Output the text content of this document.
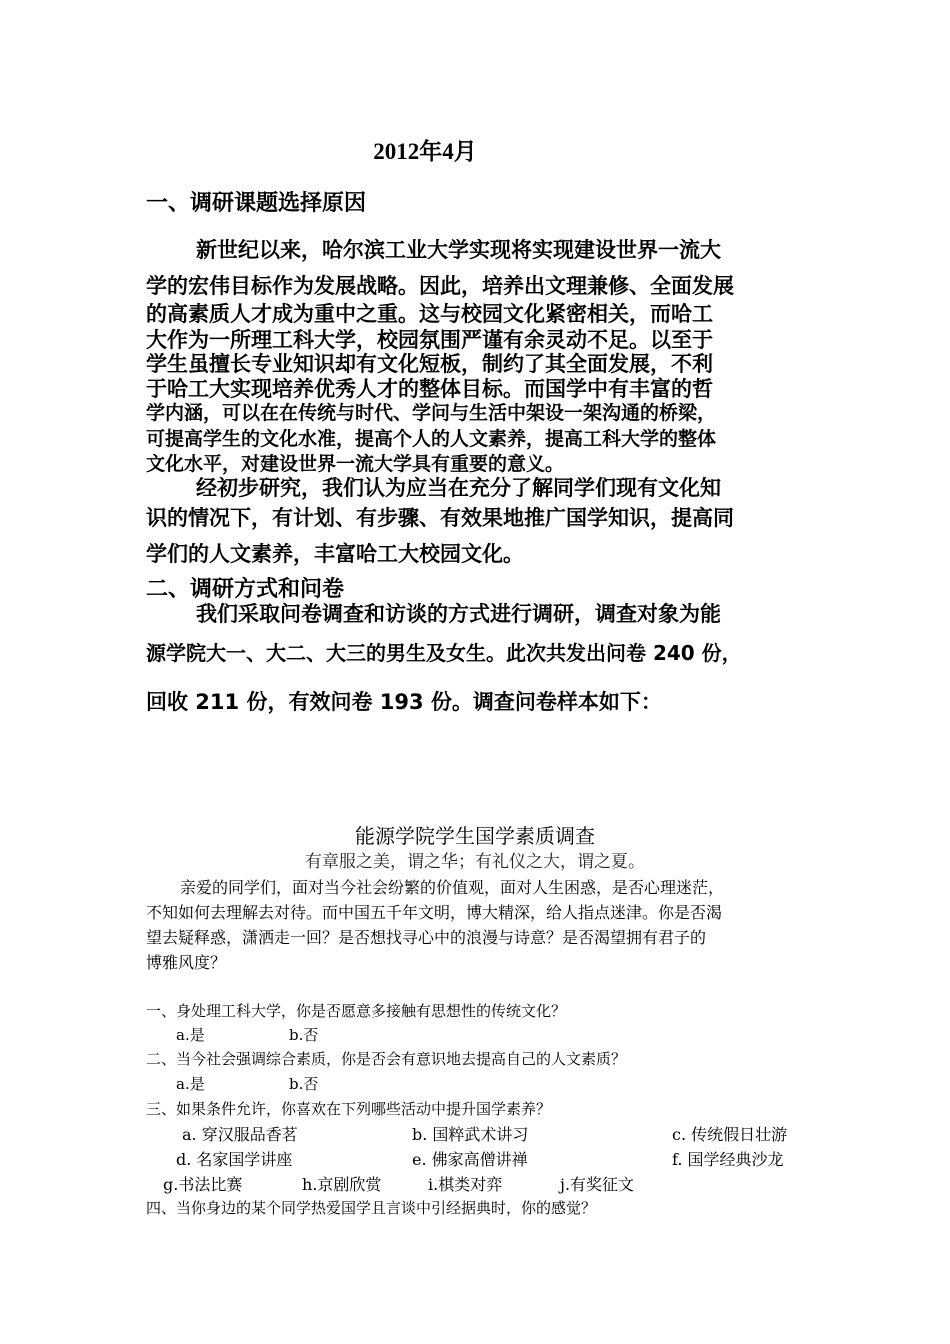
2012年4月
一、调研课题选择原因
新世纪以来，哈尔滨工业大学实现将实现建设世界一流大
学的宏伟目标作为发展战略。因此，培养出文理兼修、全面发展
的高素质人才成为重中之重。这与校园文化紧密相关，而哈工
大作为一所理工科大学，校园氛围严谨有余灵动不足。以至于
学生虽擅长专业知识却有文化短板，制约了其全面发展，不利
于哈工大实现培养优秀人才的整体目标。而国学中有丰富的哲
学内涵，可以在在传统与时代、学问与生活中架设一架沟通的桥梁，
可提高学生的文化水准，提高个人的人文素养，提高工科大学的整体
文化水平，对建设世界一流大学具有重要的意义。
经初步研究，我们认为应当在充分了解同学们现有文化知
识的情况下，有计划、有步骤、有效果地推广国学知识，提高同
学们的人文素养，丰富哈工大校园文化。
二、调研方式和问卷
我们采取问卷调查和访谈的方式进行调研，调查对象为能
源学院大一、大二、大三的男生及女生。此次共发出问卷 240 份，
回收 211 份，有效问卷 193 份。调查问卷样本如下：
能源学院学生国学素质调查
有章服之美，谓之华；有礼仪之大，谓之夏。
亲爱的同学们，面对当今社会纷繁的价值观，面对人生困惑，是否心理迷茫，
不知如何去理解去对待。而中国五千年文明，博大精深，给人指点迷津。你是否渴
望去疑释惑，潇洒走一回？是否想找寻心中的浪漫与诗意？是否渴望拥有君子的
博雅风度？
一、身处理工科大学，你是否愿意多接触有思想性的传统文化？
a.是	b.否
二、当今社会强调综合素质，你是否会有意识地去提高自己的人文素质？
a.是	b.否
三、如果条件允许，你喜欢在下列哪些活动中提升国学素养？
a. 穿汉服品香茗	b. 国粹武术讲习	c. 传统假日壮游
d. 名家国学讲座	e. 佛家高僧讲禅	f. 国学经典沙龙
g.书法比赛	h.京剧欣赏	i.棋类对弈	j.有奖征文
四、当你身边的某个同学热爱国学且言谈中引经据典时，你的感觉？
